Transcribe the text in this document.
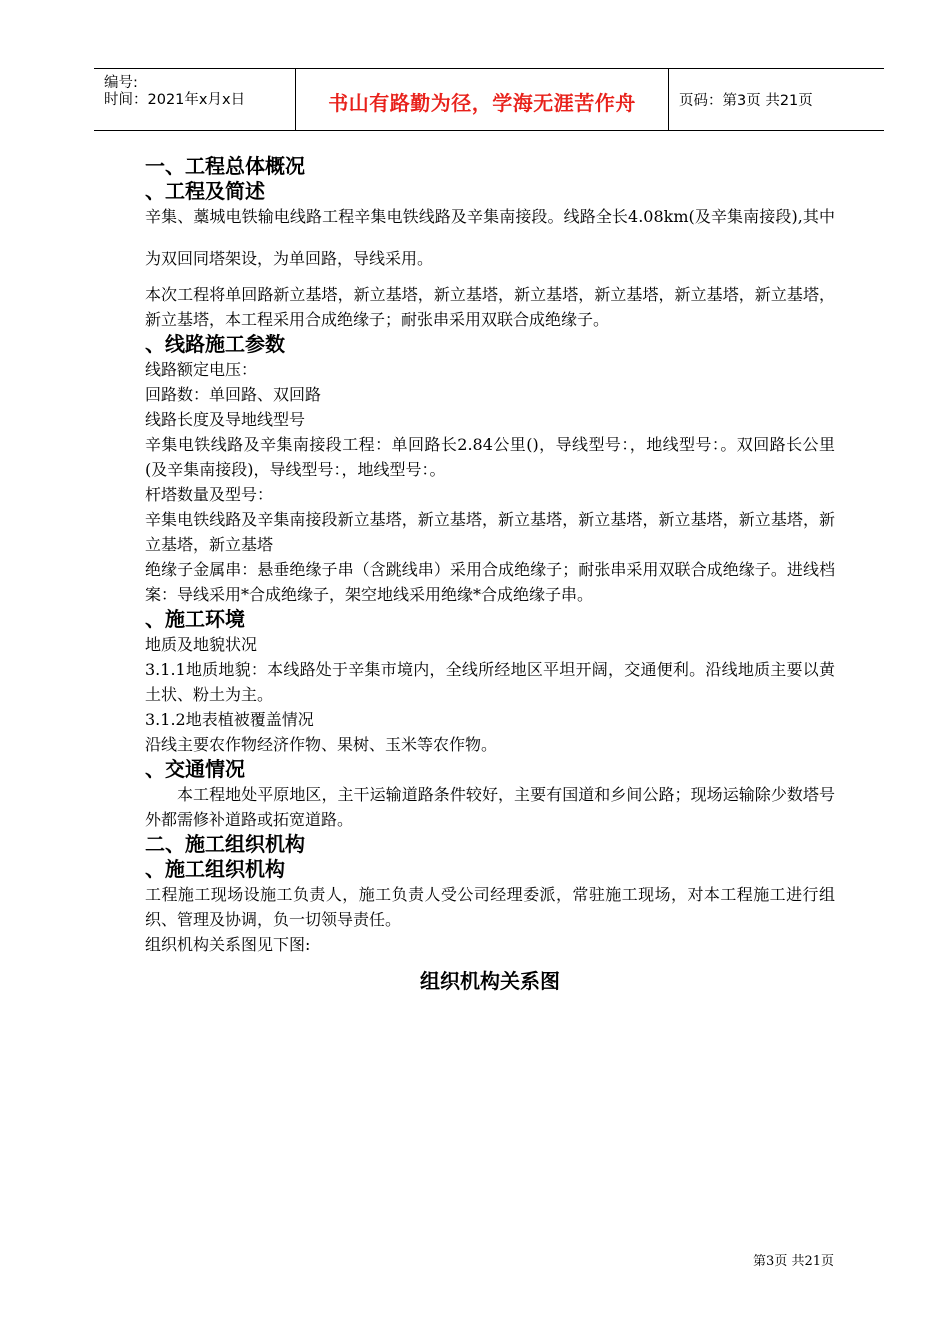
编号:
时间：2021年x月x日	书山有路勤为径，学海无涯苦作舟	页码：第3页 共21页

一、工程总体概况

、工程及简述

辛集、藁城电铁输电线路工程辛集电铁线路及辛集南接段。线路全长4.08km(及辛集南接段),其中为双回同塔架设，为单回路，导线采用。

本次工程将单回路新立基塔，新立基塔，新立基塔，新立基塔，新立基塔，新立基塔，新立基塔，新立基塔，本工程采用合成绝缘子；耐张串采用双联合成绝缘子。

、线路施工参数

线路额定电压：

回路数：单回路、双回路

线路长度及导地线型号

辛集电铁线路及辛集南接段工程：单回路长2.84公里()，导线型号：，地线型号：。双回路长公里(及辛集南接段)，导线型号：，地线型号：。

杆塔数量及型号：

辛集电铁线路及辛集南接段新立基塔，新立基塔，新立基塔，新立基塔，新立基塔，新立基塔，新立基塔，新立基塔

绝缘子金属串：悬垂绝缘子串（含跳线串）采用合成绝缘子；耐张串采用双联合成绝缘子。进线档案：导线采用*合成绝缘子，架空地线采用绝缘*合成绝缘子串。

、施工环境

地质及地貌状况

3.1.1地质地貌：本线路处于辛集市境内，全线所经地区平坦开阔，交通便利。沿线地质主要以黄土状、粉土为主。

3.1.2地表植被覆盖情况

沿线主要农作物经济作物、果树、玉米等农作物。

、交通情况

本工程地处平原地区，主干运输道路条件较好，主要有国道和乡间公路；现场运输除少数塔号外都需修补道路或拓宽道路。

二、施工组织机构

、施工组织机构

工程施工现场设施工负责人，施工负责人受公司经理委派，常驻施工现场，对本工程施工进行组织、管理及协调，负一切领导责任。

组织机构关系图见下图:

组织机构关系图

第3页 共21页
